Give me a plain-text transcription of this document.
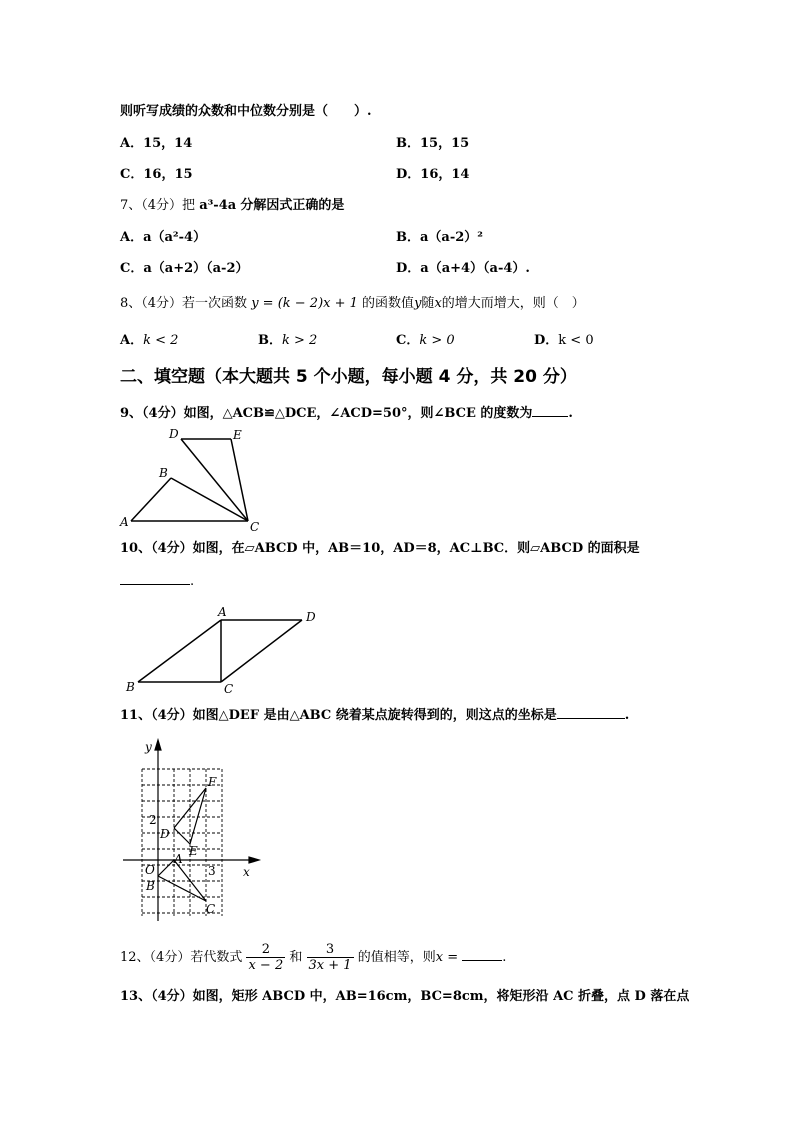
则听写成绩的众数和中位数分别是（　　）.
A．15，14	B．15，15
C．16，15	D．16，14
7、（4分）把 a³-4a 分解因式正确的是
A．a（a²-4）	B．a（a-2）²
C．a（a+2）（a-2）	D．a（a+4）（a-4）.
8、（4分）若一次函数 y = (k − 2)x + 1 的函数值y随x的增大而增大，则（　）
A．k < 2	B．k > 2	C．k > 0	D．k < 0
二、填空题（本大题共 5 个小题，每小题 4 分，共 20 分）
9、（4分）如图，△ACB≌△DCE，∠ACD=50°，则∠BCE 的度数为	.
D	E
B
A	C
10、（4分）如图，在▱ABCD 中，AB＝10，AD＝8，AC⊥BC．则▱ABCD 的面积是
.
A	D
B	C
11、（4分）如图△DEF 是由△ABC 绕着某点旋转得到的，则这点的坐标是	.
y
x
O
2
3
A
B
C
D
E
F
12、（4分）若代数式 $\frac{2}{x - 2}$ 和 $\frac{3}{3x + 1}$ 的值相等，则x =	.
13、（4分）如图，矩形 ABCD 中，AB=16cm，BC=8cm，将矩形沿 AC 折叠，点 D 落在点
